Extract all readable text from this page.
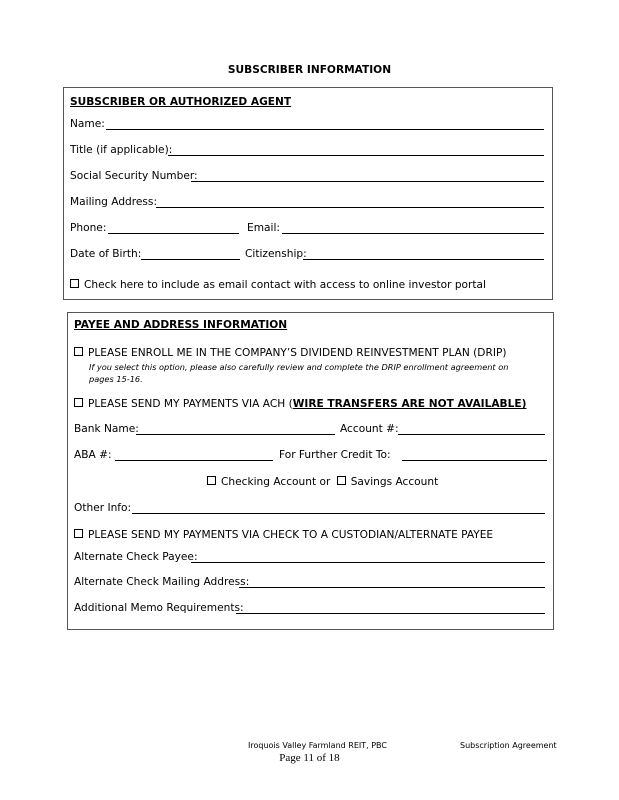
SUBSCRIBER INFORMATION
SUBSCRIBER OR AUTHORIZED AGENT
Name:
Title (if applicable):
Social Security Number:
Mailing Address:
Phone:	Email:
Date of Birth:	Citizenship:
Check here to include as email contact with access to online investor portal
PAYEE AND ADDRESS INFORMATION
PLEASE ENROLL ME IN THE COMPANY’S DIVIDEND REINVESTMENT PLAN (DRIP)
If you select this option, please also carefully review and complete the DRIP enrollment agreement on
pages 15-16.
PLEASE SEND MY PAYMENTS VIA ACH (WIRE TRANSFERS ARE NOT AVAILABLE)
Bank Name:	Account #:
ABA #:	For Further Credit To:
Checking Account or Savings Account
Other Info:
PLEASE SEND MY PAYMENTS VIA CHECK TO A CUSTODIAN/ALTERNATE PAYEE
Alternate Check Payee:
Alternate Check Mailing Address:
Additional Memo Requirements:
Iroquois Valley Farmland REIT, PBC	Subscription Agreement
Page 11 of 18
